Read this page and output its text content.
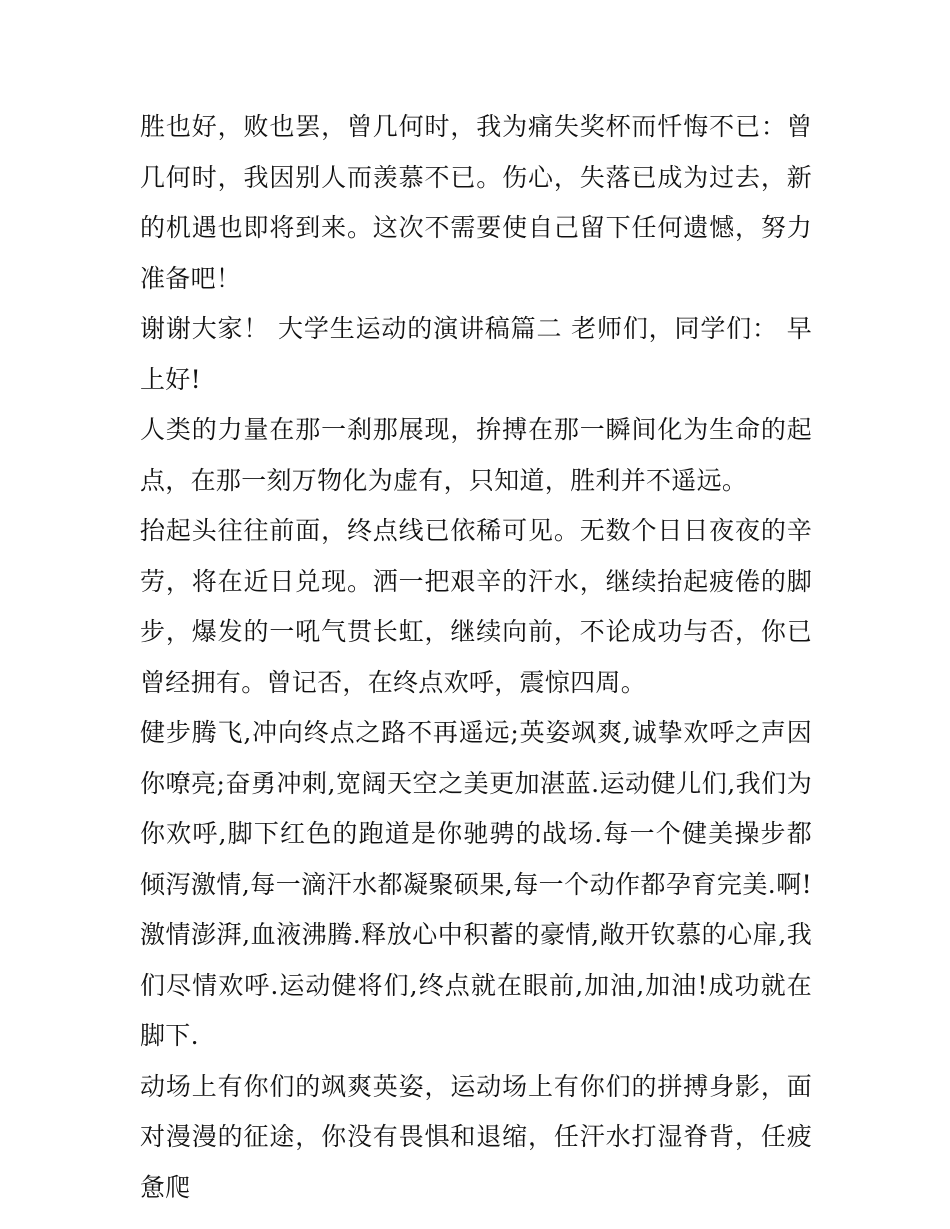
胜也好，败也罢，曾几何时，我为痛失奖杯而忏悔不已：曾几何时，我因别人而羡慕不已。伤心，失落已成为过去，新的机遇也即将到来。这次不需要使自己留下任何遗憾，努力准备吧！

谢谢大家！ 大学生运动的演讲稿篇二 老师们，同学们： 早上好!

人类的力量在那一刹那展现，拚搏在那一瞬间化为生命的起点，在那一刻万物化为虚有，只知道，胜利并不遥远。

抬起头往往前面，终点线已依稀可见。无数个日日夜夜的辛劳，将在近日兑现。洒一把艰辛的汗水，继续抬起疲倦的脚步，爆发的一吼气贯长虹，继续向前，不论成功与否，你已曾经拥有。曾记否，在终点欢呼，震惊四周。

健步腾飞,冲向终点之路不再遥远;英姿飒爽,诚挚欢呼之声因你嘹亮;奋勇冲刺,宽阔天空之美更加湛蓝.运动健儿们,我们为你欢呼,脚下红色的跑道是你驰骋的战场.每一个健美操步都倾泻激情,每一滴汗水都凝聚硕果,每一个动作都孕育完美.啊!激情澎湃,血液沸腾.释放心中积蓄的豪情,敞开钦慕的心扉,我们尽情欢呼.运动健将们,终点就在眼前,加油,加油!成功就在脚下.

动场上有你们的飒爽英姿，运动场上有你们的拼搏身影，面对漫漫的征途，你没有畏惧和退缩，任汗水打湿脊背，任疲惫爬
